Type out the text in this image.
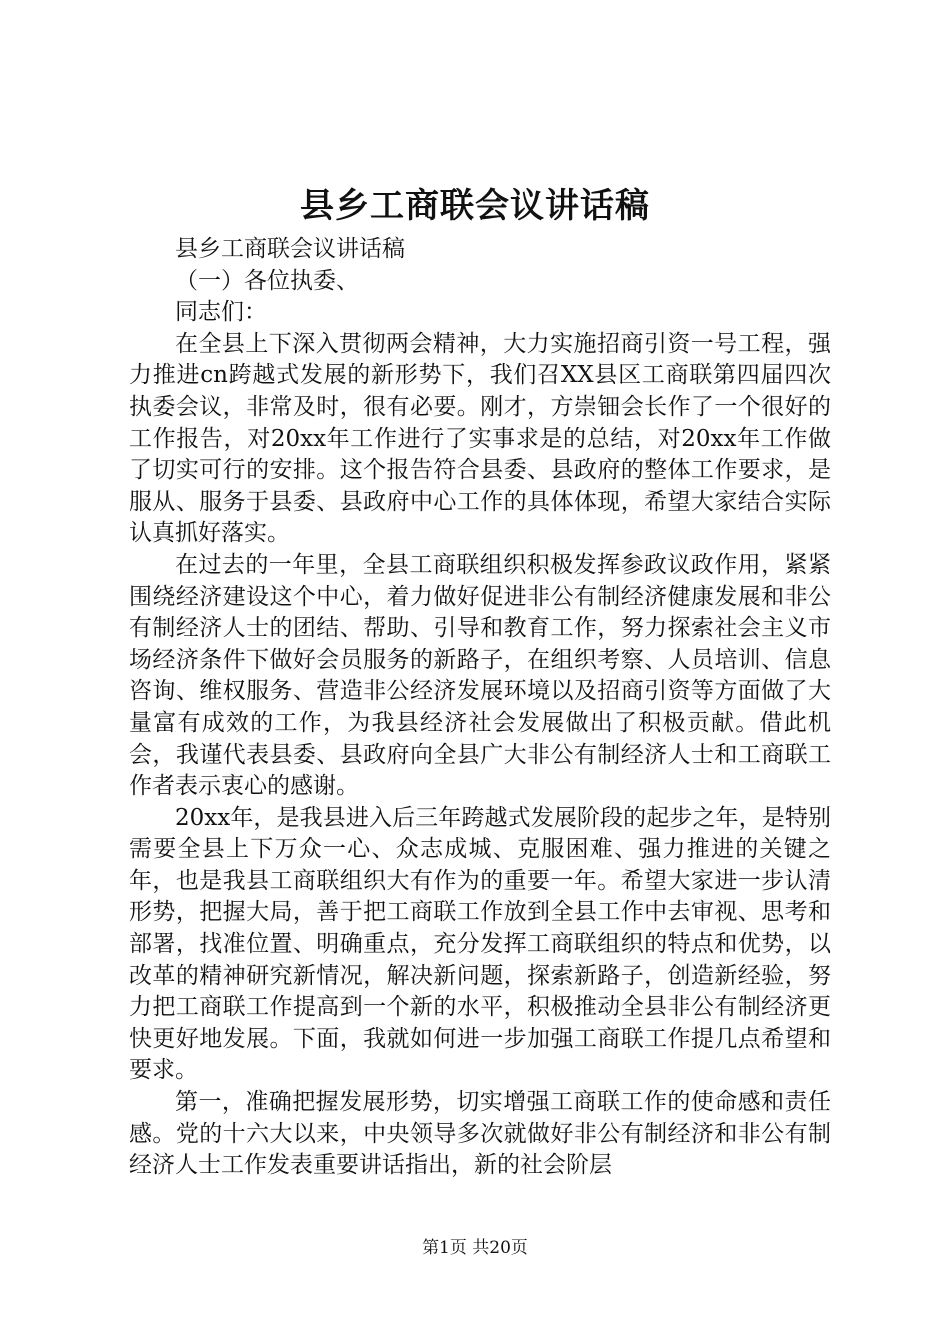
县乡工商联会议讲话稿

县乡工商联会议讲话稿

（一）各位执委、

同志们：

在全县上下深入贯彻两会精神，大力实施招商引资一号工程，强力推进cn跨越式发展的新形势下，我们召XX县区工商联第四届四次执委会议，非常及时，很有必要。刚才，方崇钿会长作了一个很好的工作报告，对20xx年工作进行了实事求是的总结，对20xx年工作做了切实可行的安排。这个报告符合县委、县政府的整体工作要求，是服从、服务于县委、县政府中心工作的具体体现，希望大家结合实际认真抓好落实。

在过去的一年里，全县工商联组织积极发挥参政议政作用，紧紧围绕经济建设这个中心，着力做好促进非公有制经济健康发展和非公有制经济人士的团结、帮助、引导和教育工作，努力探索社会主义市场经济条件下做好会员服务的新路子，在组织考察、人员培训、信息咨询、维权服务、营造非公经济发展环境以及招商引资等方面做了大量富有成效的工作，为我县经济社会发展做出了积极贡献。借此机会，我谨代表县委、县政府向全县广大非公有制经济人士和工商联工作者表示衷心的感谢。

20xx年，是我县进入后三年跨越式发展阶段的起步之年，是特别需要全县上下万众一心、众志成城、克服困难、强力推进的关键之年，也是我县工商联组织大有作为的重要一年。希望大家进一步认清形势，把握大局，善于把工商联工作放到全县工作中去审视、思考和部署，找准位置、明确重点，充分发挥工商联组织的特点和优势，以改革的精神研究新情况，解决新问题，探索新路子，创造新经验，努力把工商联工作提高到一个新的水平，积极推动全县非公有制经济更快更好地发展。下面，我就如何进一步加强工商联工作提几点希望和要求。

第一，准确把握发展形势，切实增强工商联工作的使命感和责任感。党的十六大以来，中央领导多次就做好非公有制经济和非公有制经济人士工作发表重要讲话指出，新的社会阶层

第1页 共20页
